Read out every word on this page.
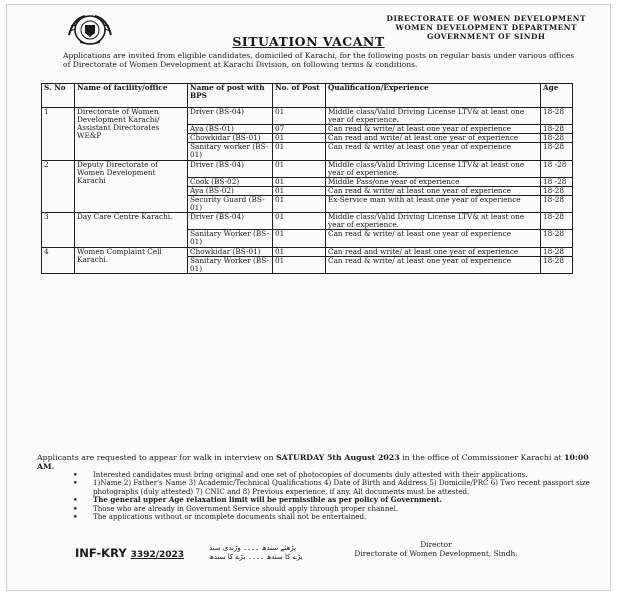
DIRECTORATE OF WOMEN DEVELOPMENT
WOMEN DEVELOPMENT DEPARTMENT
GOVERNMENT OF SINDH
SITUATION VACANT
Applications are invited from eligible candidates, domiciled of Karachi, for the following posts on regular basis under various offices of Directorate of Women Development at Karachi Division, on following terms & conditions.
S. No	Name of facility/office	Name of post with BPS	No. of Post	Qualification/Experience	Age
1	Directorate of Women Development Karachi/ Assistant Directorates WE&P	Driver (BS-04)	01	Middle class/Valid Driving License LTV& at least one year of experience.	18-28
		Aya (BS-01)	07	Can read & write/ at least one year of experience	18-28
		Chowkidar (BS-01)	01	Can read and write/ at least one year of experience	18-28
		Sanitary worker (BS-01)	01	Can read & write/ at least one year of experience	18-28
2	Deputy Directorate of Women Development Karachi	Driver (BS-04)	01	Middle class/Valid Driving License LTV& at least one year of experience.	18 -28
		Cook (BS-02)	01	Middle Pass/one year of experience	18 -28
		Aya (BS-02)	01	Can read & write/ at least one year of experience	18-28
		Security Guard (BS-01)	01	Ex-Service man with at least one year of experience	18-28
3	Day Care Centre Karachi.	Driver (BS-04)	01	Middle class/Valid Driving License LTV& at least one year of experience.	18-28
		Sanitary Worker (BS-01)	01	Can read & write/ at least one year of experience	18-28
4	Women Complaint Cell Karachi.	Chowkidar (BS-01)	01	Can read and write/ at least one year of experience	18-28
		Sanitary Worker (BS-01)	01	Can read & write/ at least one year of experience	18-28
Applicants are requested to appear for walk in interview on SATURDAY 5th August 2023 in the office of Commissioner Karachi at 10:00 AM.
• Interested candidates must bring original and one set of photocopies of documents duly attested with their applications.
• 1)Name 2) Father's Name 3) Academic/Technical Qualifications 4) Date of Birth and Address 5) Domicile/PRC 6) Two recent passport size photographs (duly attested) 7) CNIC and 8) Previous experience, if any. All documents must be attested.
• The general upper Age relaxation limit will be permissible as per policy of Government.
• Those who are already in Government Service should apply through proper channel.
• The applications without or incomplete documents shall not be entertained.
INF-KRY 3392/2023
پڑھئے سندھ ۔۔۔۔ وڑندی سنڌ
بڑے کا سندھ ۔۔۔۔ بڑے کا سندھ
Director
Directorate of Women Development, Sindh.
